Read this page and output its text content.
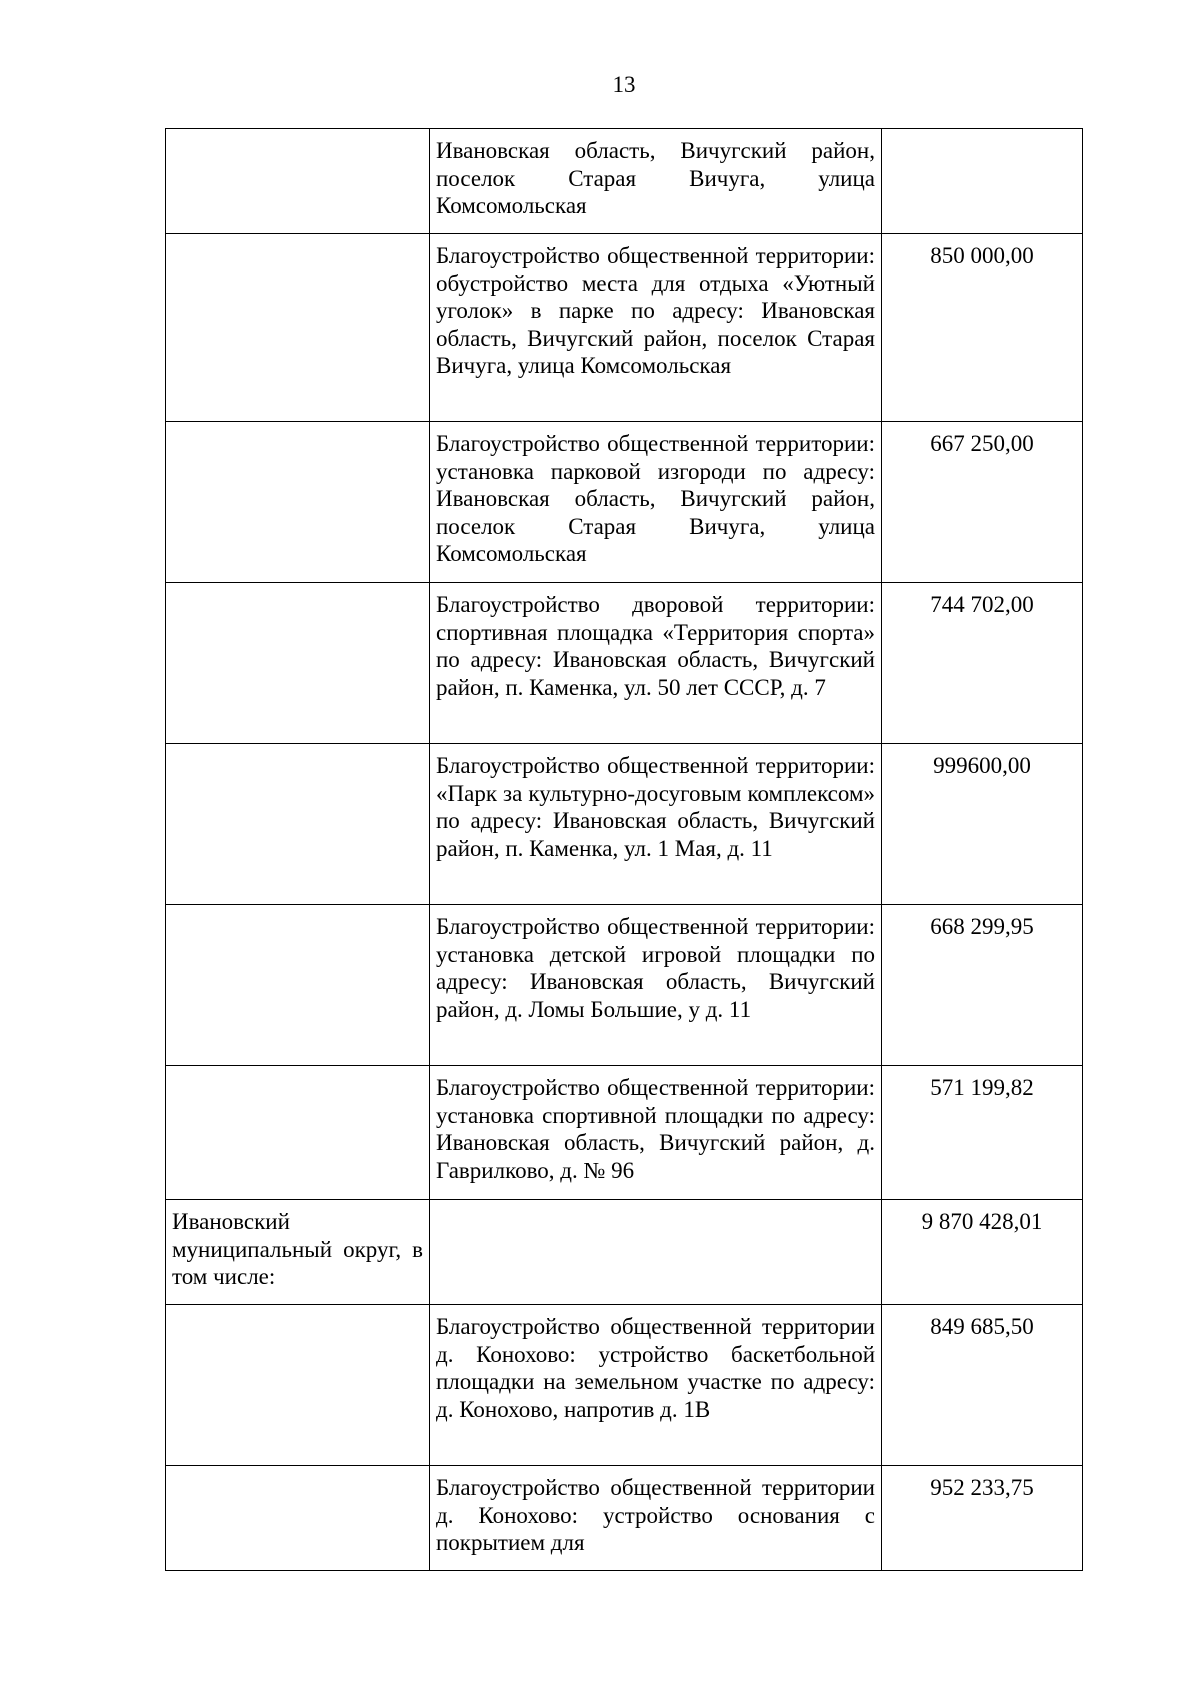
13

	Ивановская область, Вичугский район, поселок Старая Вичуга, улица Комсомольская	

	Благоустройство общественной территории: обустройство места для отдыха «Уютный уголок» в парке по адресу: Ивановская область, Вичугский район, поселок Старая Вичуга, улица Комсомольская	850 000,00

	Благоустройство общественной территории: установка парковой изгороди по адресу: Ивановская область, Вичугский район, поселок Старая Вичуга, улица Комсомольская	667 250,00

	Благоустройство дворовой территории: спортивная площадка «Территория спорта» по адресу: Ивановская область, Вичугский район, п. Каменка, ул. 50 лет СССР, д. 7	744 702,00

	Благоустройство общественной территории: «Парк за культурно-досуговым комплексом» по адресу: Ивановская область, Вичугский район, п. Каменка, ул. 1 Мая, д. 11	999600,00

	Благоустройство общественной территории: установка детской игровой площадки по адресу: Ивановская область, Вичугский район, д. Ломы Большие, у д. 11	668 299,95

	Благоустройство общественной территории: установка спортивной площадки по адресу: Ивановская область, Вичугский район, д. Гаврилково, д. № 96	571 199,82

Ивановский муниципальный округ, в том числе:		9 870 428,01

	Благоустройство общественной территории д. Конохово: устройство баскетбольной площадки на земельном участке по адресу: д. Конохово, напротив д. 1В	849 685,50

	Благоустройство общественной территории д. Конохово: устройство основания с покрытием для	952 233,75
